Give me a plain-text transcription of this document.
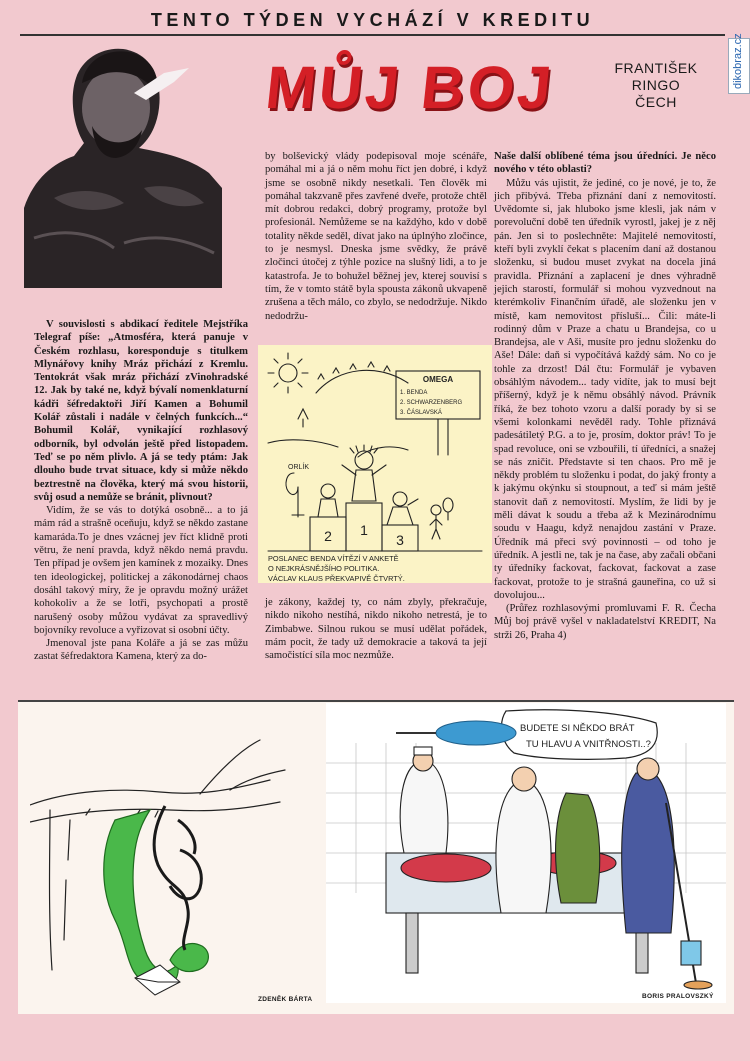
TENTO TÝDEN VYCHÁZÍ V KREDITU
dikobraz.cz
MŮJ BOJ	FRANTIŠEK
RINGO
ČECH

V souvislosti s abdikací ředitele Mejstříka Telegraf píše: „Atmosféra, která panuje v Českém rozhlasu, koresponduje s titulkem Mlynářovy knihy Mráz přichází z Kremlu. Tentokrát však mráz přichází zVinohradské 12. Jak by také ne, když bývalí nomenklaturní kádři šéfredaktoři Jiří Kamen a Bohumil Kolář zůstali i nadále v čelných funkcích...“ Bohumil Kolář, vynikající rozhlasový odborník, byl odvolán ještě před listopadem. Teď se po něm plivlo. A já se tedy ptám: Jak dlouho bude trvat situace, kdy si může někdo beztrestně na člověka, který má svou historii, svůj osud a nemůže se bránit, plivnout?

Vidím, že se vás to dotýká osobně... a to já mám rád a strašně oceňuju, když se někdo zastane kamaráda.To je dnes vzácnej jev říct klidně proti větru, že není pravda, když někdo nemá pravdu. Ten případ je ovšem jen kamínek z mozaiky. Dnes ten ideologickej, politickej a zákonodárnej chaos dosáhl takový míry, že je opravdu možný urážet kohokoliv a že se lotři, psychopati a prostě narušený osoby můžou vydávat za spravedlivý bojovníky revoluce a vyřizovat si osobní účty.

Jmenoval jste pana Koláře a já se zas můžu zastat šéfredaktora Kamena, který za do-

by bolševický vlády podepisoval moje scénáře, pomáhal mi a já o něm mohu říct jen dobré, i když jsme se osobně nikdy nesetkali. Ten člověk mi pomáhal takzvaně přes zavřené dveře, protože chtěl mít dobrou redakci, dobrý programy, protože byl profesionál. Nemůžeme se na každýho, kdo v době totality někde seděl, dívat jako na úplnýho zločince, to je nesmysl. Dneska jsme svědky, že právě zločinci útočej z týhle pozice na slušný lidi, a to je katastrofa. Je to bohužel běžnej jev, kterej souvisí s tím, že v tomto státě byla spousta zákonů ukvapeně zrušena a těch málo, co zbylo, se nedodržuje. Nikdo nedodržu-

je zákony, každej ty, co nám zbyly, překračuje, nikdo nikoho nestíhá, nikdo nikoho netrestá, je to Zimbabwe. Silnou rukou se musí udělat pořádek, mám pocit, že tady už demokracie a taková ta její samočistící síla moc nezmůže.

Naše další oblíbené téma jsou úředníci. Je něco nového v této oblasti?

Můžu vás ujistit, že jediné, co je nové, je to, že jich přibývá. Třeba přiznání daní z nemovitostí. Uvědomte si, jak hluboko jsme klesli, jak nám v porevoluční době ten úředník vyrostl, jakej je z něj pán. Jen si to poslechněte: Majitelé nemovitostí, kteří byli zvyklí čekat s placením daní až dostanou složenku, si budou muset zvykat na docela jiná pravidla. Přiznání a zaplacení je dnes výhradně jejich starostí, formulář si mohou vyzvednout na kterémkoliv Finančním úřadě, ale složenku jen v místě, kam nemovitost přísluší... Čili: máte-li rodinný dům v Praze a chatu u Brandejsa, co u Brandejsa, ale v Aši, musíte pro jednu složenku do Aše! Dále: daň si vypočítává každý sám. No co je tohle za drzost! Dál čtu: Formulář je vybaven obsáhlým návodem... tady vidíte, jak to musí bejt příšerný, když je k němu obsáhlý návod. Právník říká, že bez tohoto vzoru a další porady by si se všemi kolonkami nevěděl rady. Tohle přiznává padesátiletý P.G. a to je, prosím, doktor práv! To je spad revoluce, oni se vzbouřili, tí úředníci, a snažej se nás zničit. Představte si ten chaos. Pro mě je někdy problém tu složenku i podat, do jaký fronty a k jakýmu okýnku si stoupnout, a teď si mám ještě stanovit daň z nemovitostí. Myslím, že lidi by je měli dávat k soudu a třeba až k Mezinárodnímu soudu v Haagu, když nenajdou zastání v Praze. Úředník má přeci svý povinnosti – od toho je úředník. A jestli ne, tak je na čase, aby začali občani ty úředníky fackovat, fackovat, fackovat a zase fackovat, protože to je strašná gauneřina, co už si dovolujou...

(Průřez rozhlasovými promluvami F. R. Čecha Můj boj právě vyšel v nakladatelství KREDIT, Na strži 26, Praha 4)

OMEGA
1. BENDA
2. SCHWARZENBERG
3. ČÁSLAVSKÁ
ORLÍK
1
2	3
POSLANEC BENDA VÍTĚZÍ V ANKETĚ
O NEJKRÁSNĚJŠÍHO POLITIKA.
VÁCLAV KLAUS PŘEKVAPIVĚ ČTVRTÝ.
ZDENĚK BÁRTA
BUDETE SI NĚKDO BRÁT
TU HLAVU A VNITŘNOSTI..?
BORIS PRALOVSZKÝ
